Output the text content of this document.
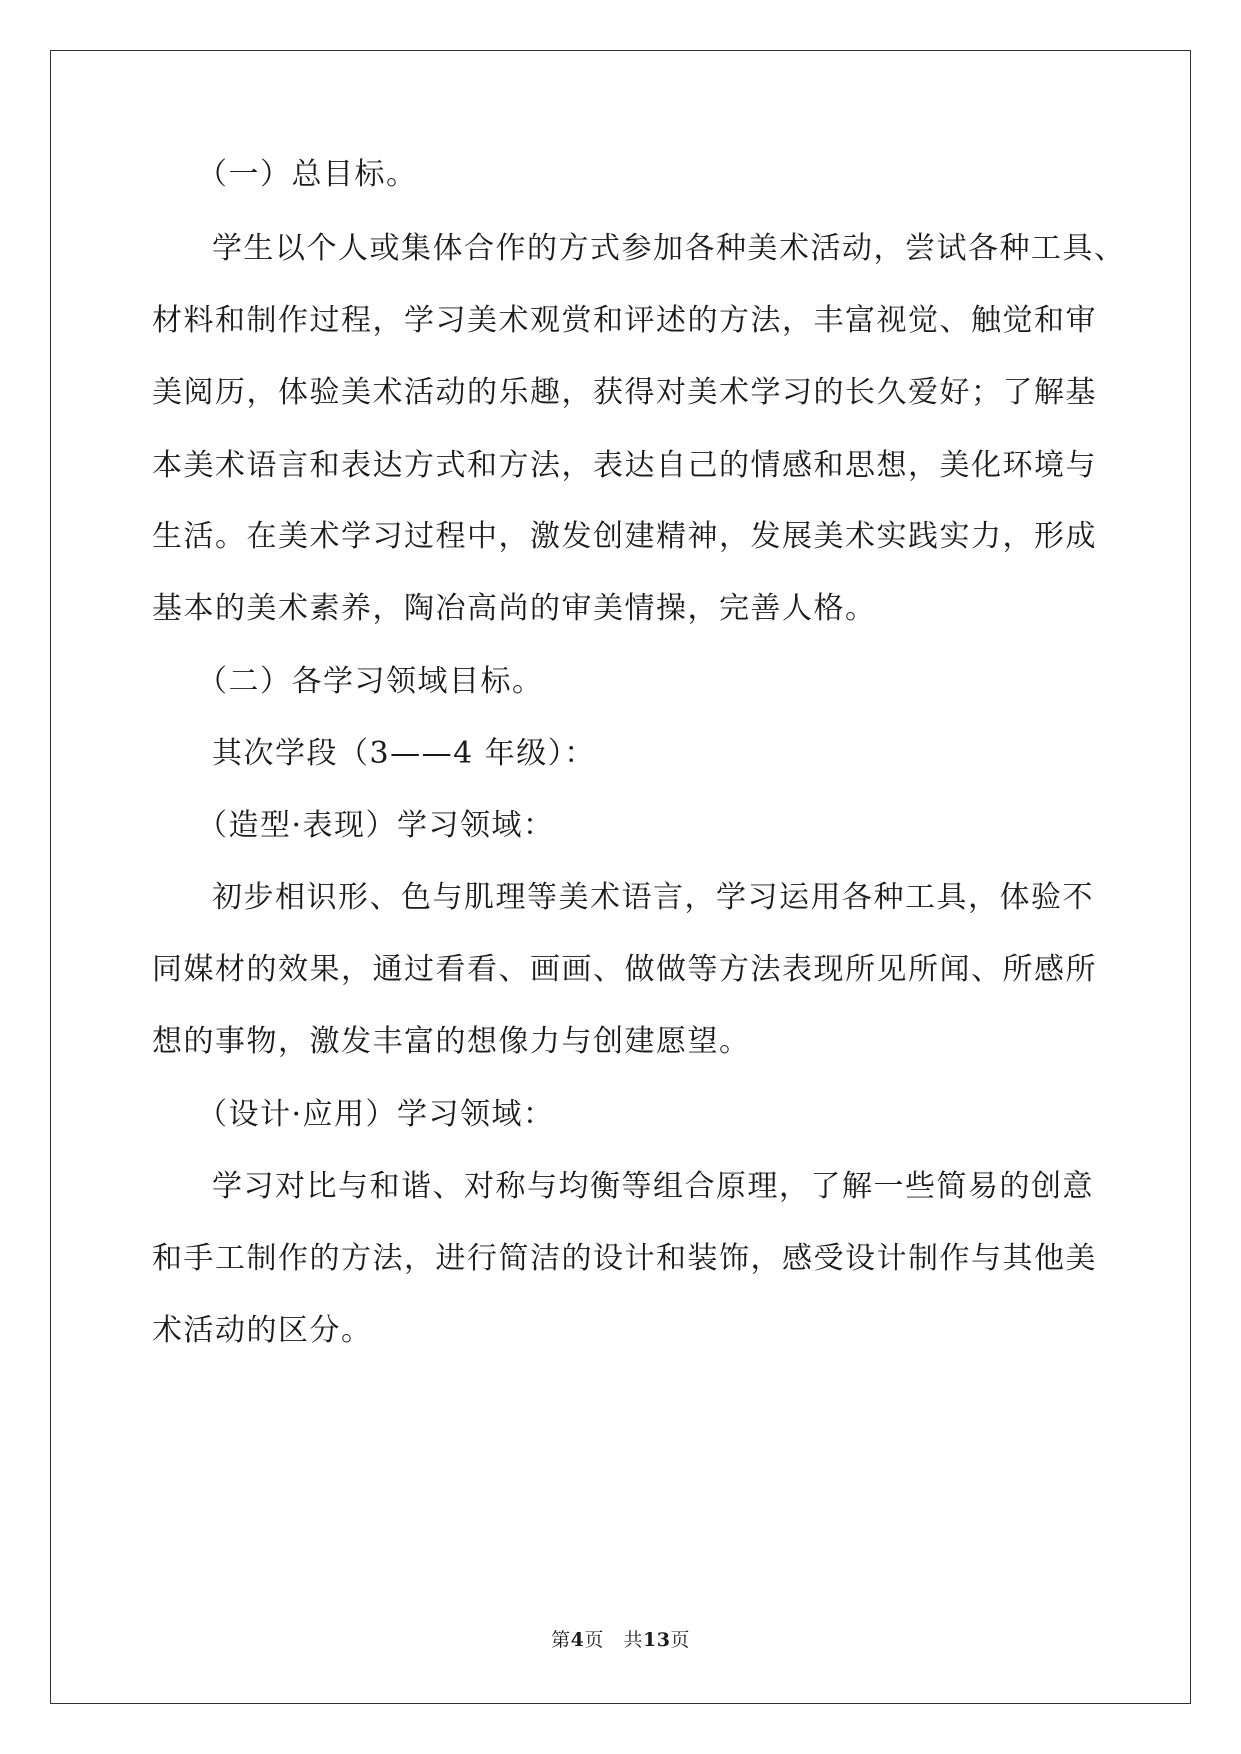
（一）总目标。
学生以个人或集体合作的方式参加各种美术活动，尝试各种工具、
材料和制作过程，学习美术观赏和评述的方法，丰富视觉、触觉和审
美阅历，体验美术活动的乐趣，获得对美术学习的长久爱好；了解基
本美术语言和表达方式和方法，表达自己的情感和思想，美化环境与
生活。在美术学习过程中，激发创建精神，发展美术实践实力，形成
基本的美术素养，陶冶高尚的审美情操，完善人格。
（二）各学习领域目标。
其次学段（3——4 年级）：
（造型·表现）学习领域：
初步相识形、色与肌理等美术语言，学习运用各种工具，体验不
同媒材的效果，通过看看、画画、做做等方法表现所见所闻、所感所
想的事物，激发丰富的想像力与创建愿望。
（设计·应用）学习领域：
学习对比与和谐、对称与均衡等组合原理，了解一些简易的创意
和手工制作的方法，进行简洁的设计和装饰，感受设计制作与其他美
术活动的区分。
第4页 共13页
